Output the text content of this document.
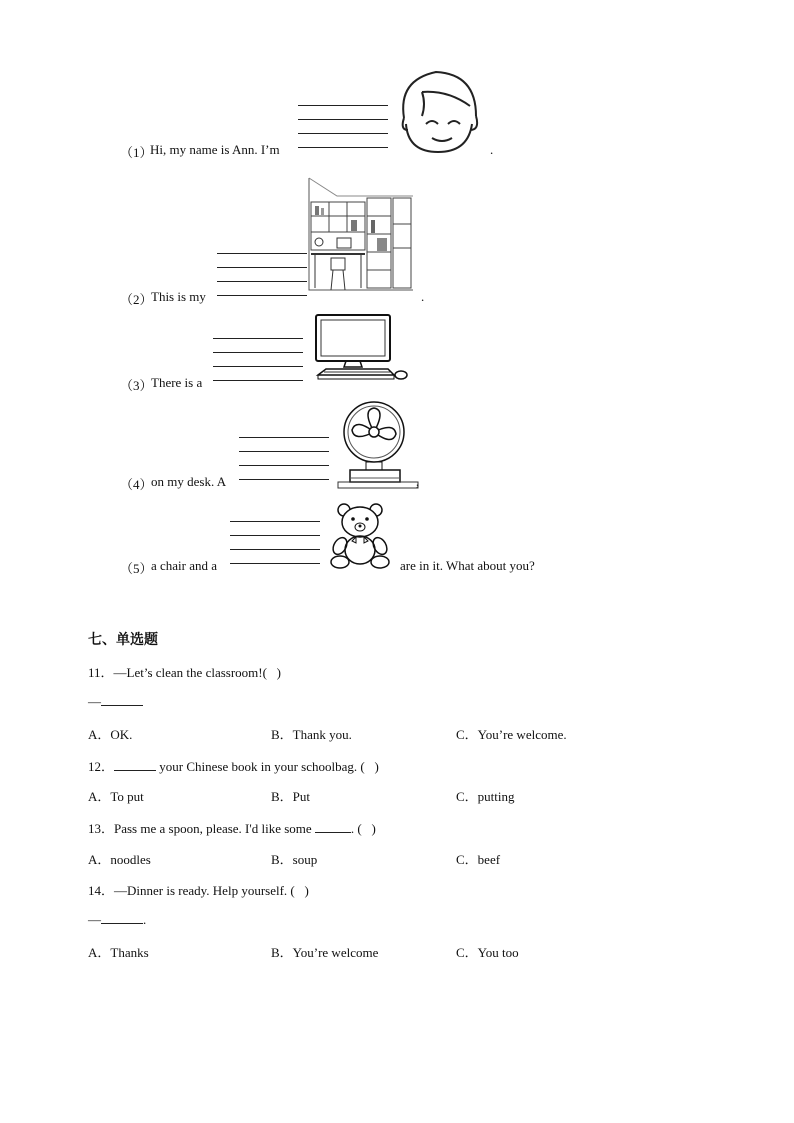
（1）
Hi, my name is Ann. I’m	.
（2）
This is my	.
（3）
There is a
（4）
on my desk. A	,
（5）
a chair and a	are in it. What about you?
七、单选题
11．—Let’s clean the classroom!(   )
—
A．OK.	B．Thank you.	C．You’re welcome.
12．	your Chinese book in your schoolbag. (   )
A．To put	B．Put	C．putting
13．Pass me a spoon, please. I'd like some	. (   )
A．noodles	B．soup	C．beef
14．—Dinner is ready. Help yourself. (   )
—	.
A．Thanks	B．You’re welcome	C．You too
